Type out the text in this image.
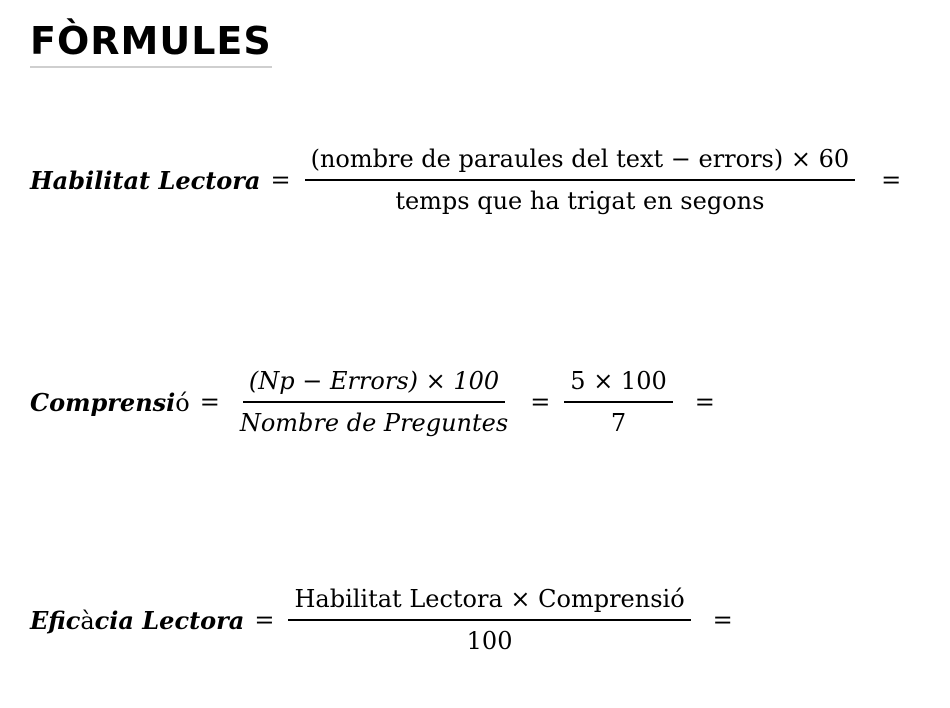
FÒRMULES
Habilitat Lectora = $\frac{\text{(nombre de paraules del text − errors) × 60}}{\text{temps que ha trigat en segons}}$ =
Comprensió = $\frac{\text{(Np − Errors) × 100}}{\text{Nombre de Preguntes}} = \frac{5 \times 100}{7}$ =
Eficàcia Lectora = $\frac{\text{Habilitat Lectora × Comprensió}}{100}$ =
